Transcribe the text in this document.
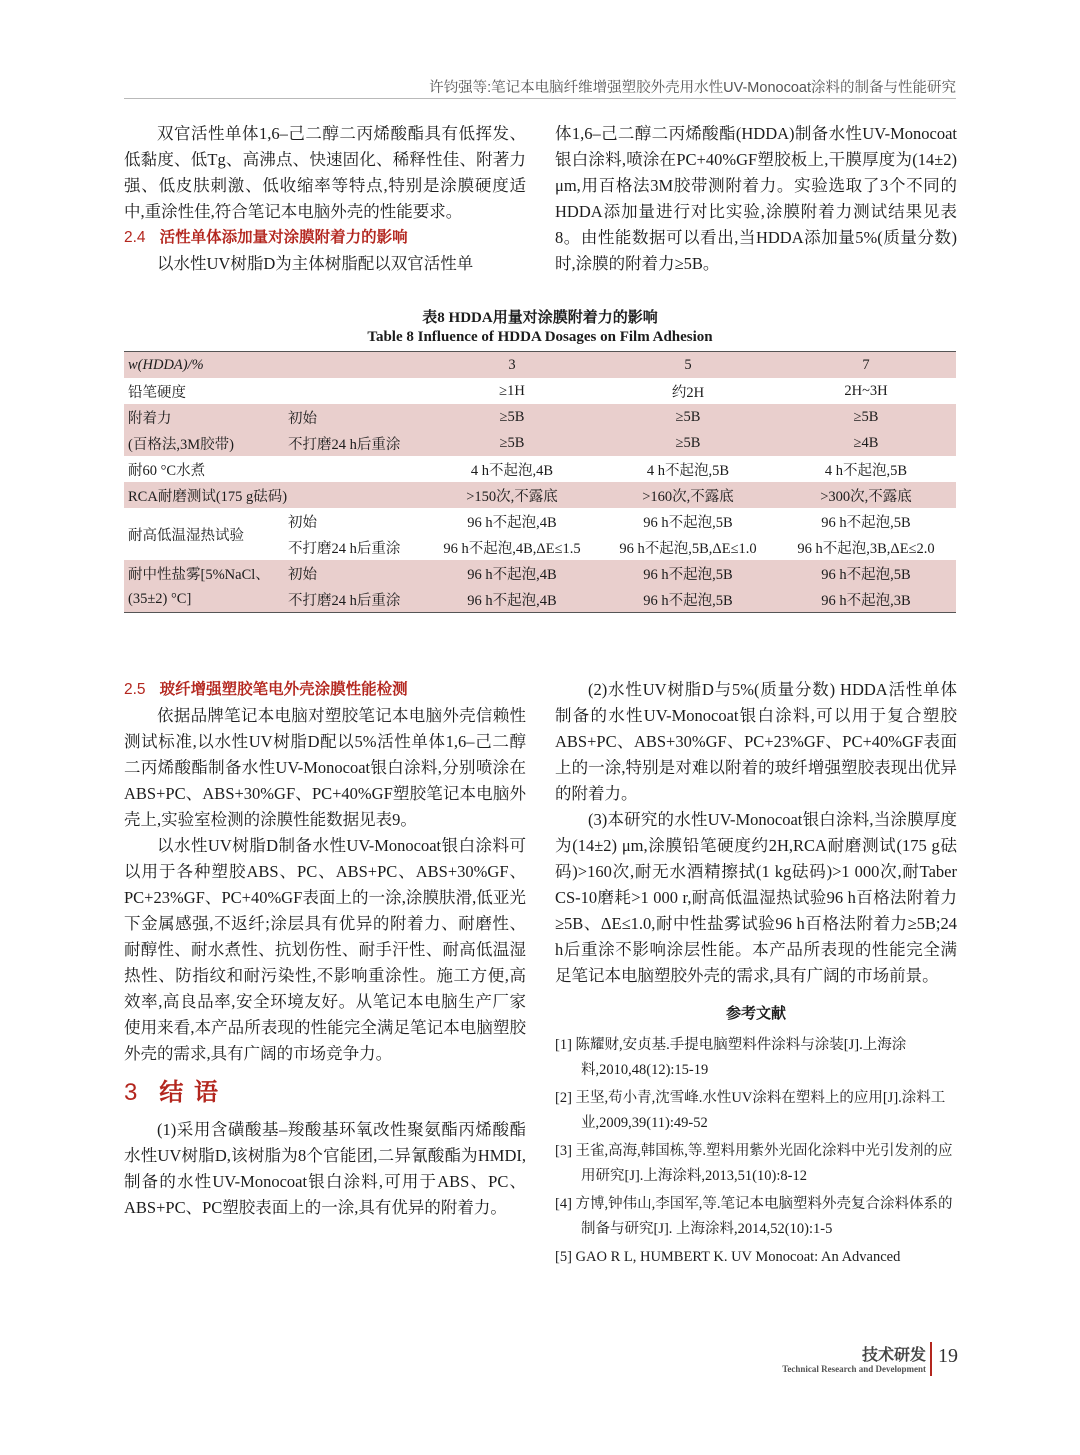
许钧强等:笔记本电脑纤维增强塑胶外壳用水性UV-Monocoat涂料的制备与性能研究

双官活性单体1,6–己二醇二丙烯酸酯具有低挥发、低黏度、低Tg、高沸点、快速固化、稀释性佳、附著力强、低皮肤刺激、低收缩率等特点,特别是涂膜硬度适中,重涂性佳,符合笔记本电脑外壳的性能要求。

2.4 活性单体添加量对涂膜附着力的影响

以水性UV树脂D为主体树脂配以双官活性单

体1,6–己二醇二丙烯酸酯(HDDA)制备水性UV-Monocoat银白涂料,喷涂在PC+40%GF塑胶板上,干膜厚度为(14±2) μm,用百格法3M胶带测附着力。实验选取了3个不同的HDDA添加量进行对比实验,涂膜附着力测试结果见表8。由性能数据可以看出,当HDDA添加量5%(质量分数)时,涂膜的附着力≥5B。

表8 HDDA用量对涂膜附着力的影响
Table 8 Influence of HDDA Dosages on Film Adhesion
w(HDDA)/%		3	5	7
铅笔硬度		≥1H	约2H	2H~3H
附着力	初始	≥5B	≥5B	≥5B
(百格法,3M胶带)	不打磨24 h后重涂	≥5B	≥5B	≥4B
耐60 °C水煮		4 h不起泡,4B	4 h不起泡,5B	4 h不起泡,5B
RCA耐磨测试(175 g砝码)		>150次,不露底	>160次,不露底	>300次,不露底
耐高低温湿热试验	初始	96 h不起泡,4B	96 h不起泡,5B	96 h不起泡,5B
	不打磨24 h后重涂	96 h不起泡,4B,ΔE≤1.5	96 h不起泡,5B,ΔE≤1.0	96 h不起泡,3B,ΔE≤2.0
耐中性盐雾[5%NaCl、	初始	96 h不起泡,4B	96 h不起泡,5B	96 h不起泡,5B
(35±2) °C]	不打磨24 h后重涂	96 h不起泡,4B	96 h不起泡,5B	96 h不起泡,3B
2.5 玻纤增强塑胶笔电外壳涂膜性能检测

依据品牌笔记本电脑对塑胶笔记本电脑外壳信赖性测试标准,以水性UV树脂D配以5%活性单体1,6–己二醇二丙烯酸酯制备水性UV-Monocoat银白涂料,分别喷涂在ABS+PC、ABS+30%GF、PC+40%GF塑胶笔记本电脑外壳上,实验室检测的涂膜性能数据见表9。

以水性UV树脂D制备水性UV-Monocoat银白涂料可以用于各种塑胶ABS、PC、ABS+PC、ABS+30%GF、PC+23%GF、PC+40%GF表面上的一涂,涂膜肤滑,低亚光下金属感强,不返纤;涂层具有优异的附着力、耐磨性、耐醇性、耐水煮性、抗划伤性、耐手汗性、耐高低温湿热性、防指纹和耐污染性,不影响重涂性。施工方便,高效率,高良品率,安全环境友好。从笔记本电脑生产厂家使用来看,本产品所表现的性能完全满足笔记本电脑塑胶外壳的需求,具有广阔的市场竞争力。

3 结 语

(1)采用含磺酸基–羧酸基环氧改性聚氨酯丙烯酸酯水性UV树脂D,该树脂为8个官能团,二异氰酸酯为HMDI,制备的水性UV-Monocoat银白涂料,可用于ABS、PC、ABS+PC、PC塑胶表面上的一涂,具有优异的附着力。

(2)水性UV树脂D与5%(质量分数) HDDA活性单体制备的水性UV-Monocoat银白涂料,可以用于复合塑胶ABS+PC、ABS+30%GF、PC+23%GF、PC+40%GF表面上的一涂,特别是对难以附着的玻纤增强塑胶表现出优异的附着力。

(3)本研究的水性UV-Monocoat银白涂料,当涂膜厚度为(14±2) μm,涂膜铅笔硬度约2H,RCA耐磨测试(175 g砝码)>160次,耐无水酒精擦拭(1 kg砝码)>1 000次,耐Taber CS-10磨耗>1 000 r,耐高低温湿热试验96 h百格法附着力≥5B、ΔE≤1.0,耐中性盐雾试验96 h百格法附着力≥5B;24 h后重涂不影响涂层性能。本产品所表现的性能完全满足笔记本电脑塑胶外壳的需求,具有广阔的市场前景。

参考文献
[1] 陈耀财,安贞基.手提电脑塑料件涂料与涂装[J].上海涂料,2010,48(12):15-19
[2] 王坚,苟小青,沈雪峰.水性UV涂料在塑料上的应用[J].涂料工业,2009,39(11):49-52
[3] 王雀,高海,韩国栋,等.塑料用紫外光固化涂料中光引发剂的应用研究[J].上海涂料,2013,51(10):8-12
[4] 方博,钟伟山,李国军,等.笔记本电脑塑料外壳复合涂料体系的制备与研究[J]. 上海涂料,2014,52(10):1-5
[5] GAO R L, HUMBERT K. UV Monocoat: An Advanced
技术研发
Technical Research and Development
19
